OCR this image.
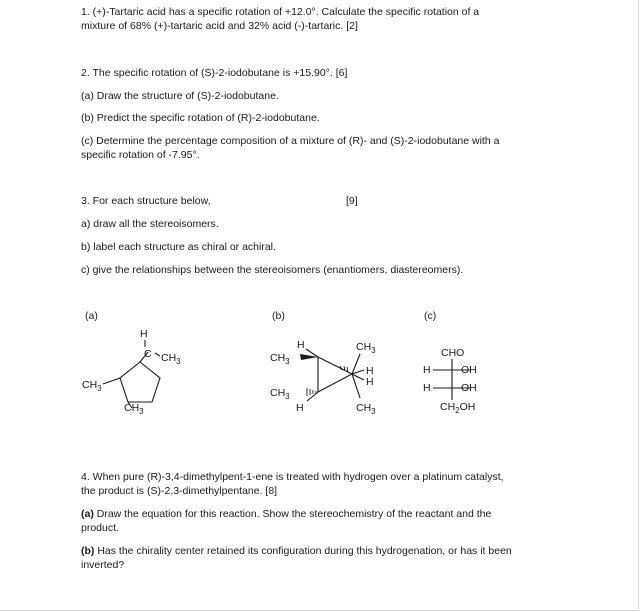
1. (+)-Tartaric acid has a specific rotation of +12.0°. Calculate the specific rotation of a
mixture of 68% (+)-tartaric acid and 32% acid (-)-tartaric. [2]
2. The specific rotation of (S)-2-iodobutane is +15.90°. [6]
(a) Draw the structure of (S)-2-iodobutane.
(b) Predict the specific rotation of (R)-2-iodobutane.
(c) Determine the percentage composition of a mixture of (R)- and (S)-2-iodobutane with a
specific rotation of -7.95°.
3. For each structure below,	[9]
a) draw all the stereoisomers.
b) label each structure as chiral or achiral.
c) give the relationships between the stereoisomers (enantiomers, diastereomers).
(a)	(b)	(c)
H
C $CH_3$
$CH_3$
$CH_3$
H	$CH_3$
$CH_3$
H
H
$CH_3$
H	$CH_3$
CHO
H	OH
H	OH
$CH_2OH$
4. When pure (R)-3,4-dimethylpent-1-ene is treated with hydrogen over a platinum catalyst,
the product is (S)-2,3-dimethylpentane. [8]
(a) Draw the equation for this reaction. Show the stereochemistry of the reactant and the
product.
(b) Has the chirality center retained its configuration during this hydrogenation, or has it been
inverted?
